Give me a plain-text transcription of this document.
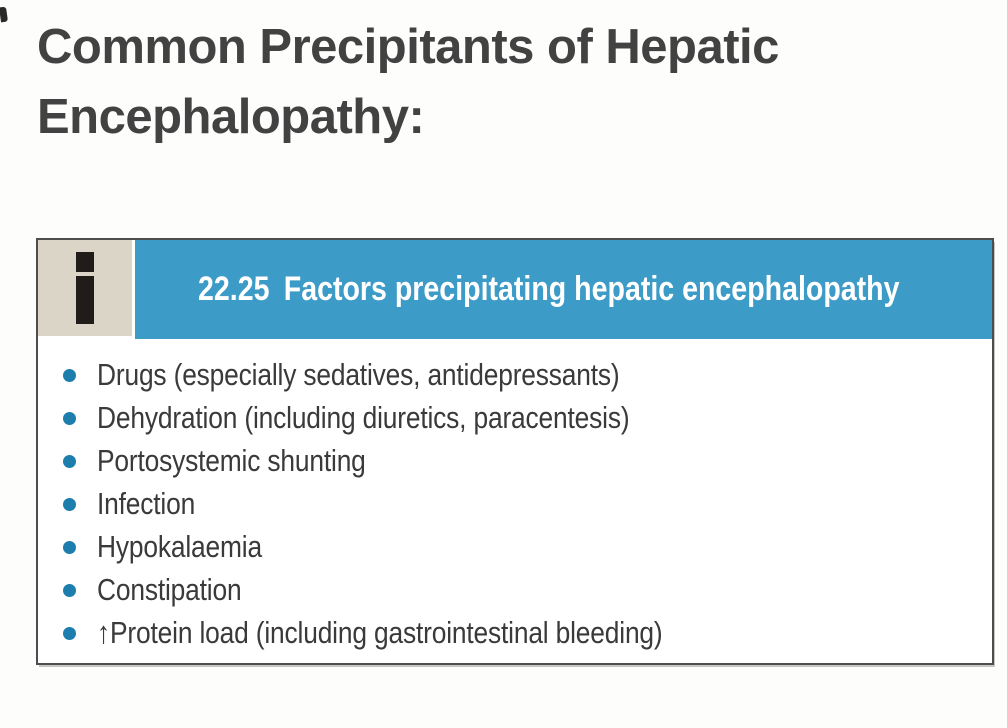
Common Precipitants of Hepatic
Encephalopathy:
22.25 Factors precipitating hepatic encephalopathy
Drugs (especially sedatives, antidepressants)
Dehydration (including diuretics, paracentesis)
Portosystemic shunting
Infection
Hypokalaemia
Constipation
↑Protein load (including gastrointestinal bleeding)
